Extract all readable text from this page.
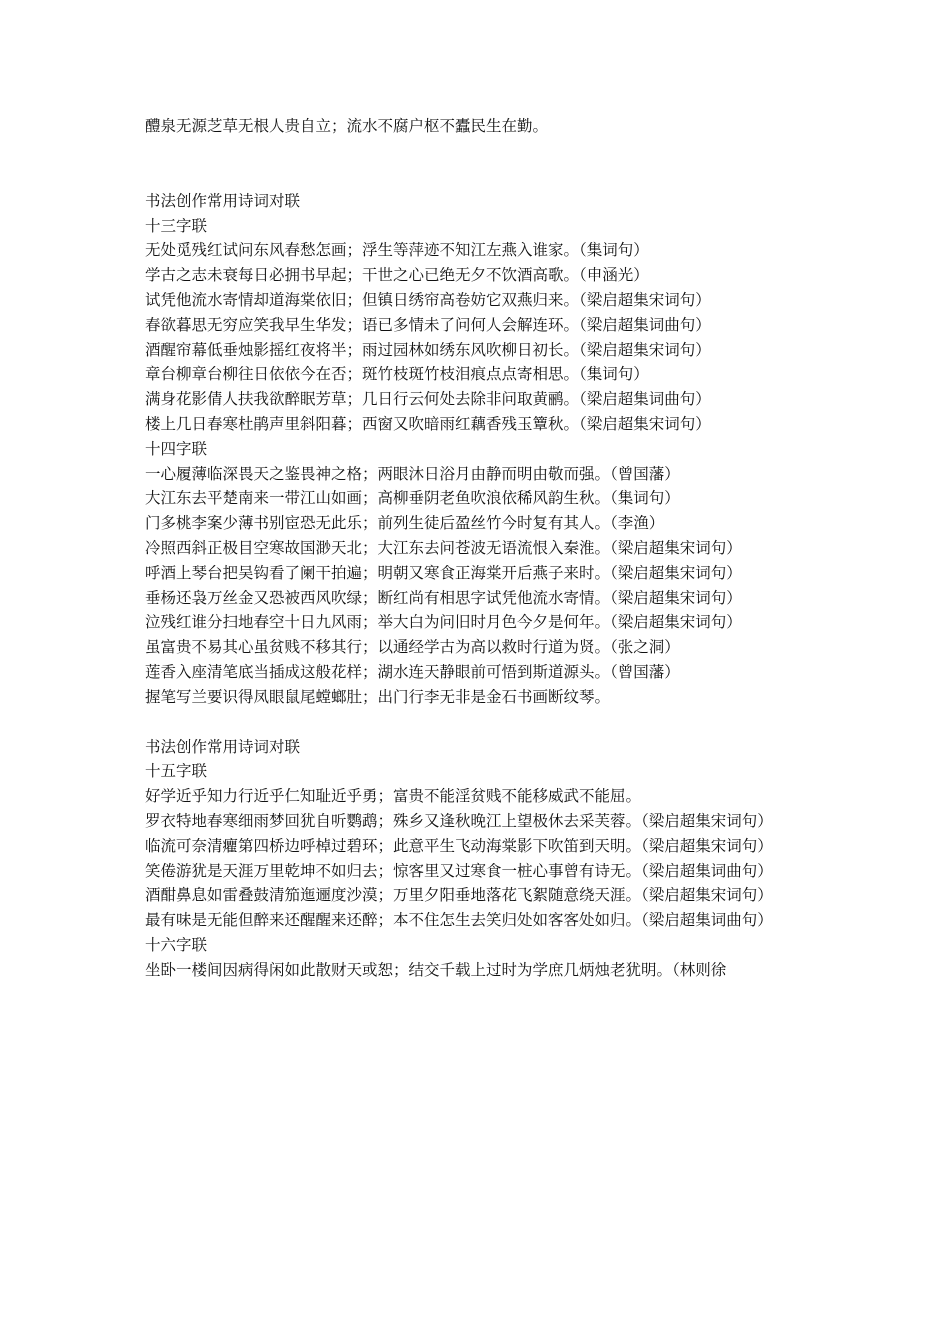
醴泉无源芝草无根人贵自立；流水不腐户枢不蠹民生在勤。
书法创作常用诗词对联
十三字联
无处觅残红试问东风春愁怎画；浮生等萍迹不知江左燕入谁家。（集词句）
学古之志未衰每日必拥书早起；干世之心已绝无夕不饮酒高歌。（申涵光）
试凭他流水寄情却道海棠依旧；但镇日绣帘高卷妨它双燕归来。（梁启超集宋词句）
春欲暮思无穷应笑我早生华发；语已多情未了问何人会解连环。（梁启超集词曲句）
酒醒帘幕低垂烛影摇红夜将半；雨过园林如绣东风吹柳日初长。（梁启超集宋词句）
章台柳章台柳往日依依今在否；斑竹枝斑竹枝泪痕点点寄相思。（集词句）
满身花影倩人扶我欲醉眠芳草；几日行云何处去除非问取黄鹂。（梁启超集词曲句）
楼上几日春寒杜鹃声里斜阳暮；西窗又吹暗雨红藕香残玉簟秋。（梁启超集宋词句）
十四字联
一心履薄临深畏天之鉴畏神之格；两眼沐日浴月由静而明由敬而强。（曾国藩）
大江东去平楚南来一带江山如画；高柳垂阴老鱼吹浪依稀风韵生秋。（集词句）
门多桃李案少薄书别宦恐无此乐；前列生徒后盈丝竹今时复有其人。（李渔）
冷照西斜正极目空寒故国渺天北；大江东去问苍波无语流恨入秦淮。（梁启超集宋词句）
呼酒上琴台把吴钩看了阑干拍遍；明朝又寒食正海棠开后燕子来时。（梁启超集宋词句）
垂杨还袅万丝金又恐被西风吹绿；断红尚有相思字试凭他流水寄情。（梁启超集宋词句）
泣残红谁分扫地春空十日九风雨；举大白为问旧时月色今夕是何年。（梁启超集宋词句）
虽富贵不易其心虽贫贱不移其行；以通经学古为高以救时行道为贤。（张之洞）
莲香入座清笔底当插成这般花样；湖水连天静眼前可悟到斯道源头。（曾国藩）
握笔写兰要识得凤眼鼠尾螳螂肚；出门行李无非是金石书画断纹琴。
书法创作常用诗词对联
十五字联
好学近乎知力行近乎仁知耻近乎勇；富贵不能淫贫贱不能移威武不能屈。
罗衣特地春寒细雨梦回犹自听鹦鹉；殊乡又逢秋晚江上望极休去采芙蓉。（梁启超集宋词句）
临流可奈清癯第四桥边呼棹过碧环；此意平生飞动海棠影下吹笛到天明。（梁启超集宋词句）
笑倦游犹是天涯万里乾坤不如归去；惊客里又过寒食一桩心事曾有诗无。（梁启超集词曲句）
酒酣鼻息如雷叠鼓清笳迤逦度沙漠；万里夕阳垂地落花飞絮随意绕天涯。（梁启超集宋词句）
最有味是无能但醉来还醒醒来还醉；本不住怎生去笑归处如客客处如归。（梁启超集词曲句）
十六字联
坐卧一楼间因病得闲如此散财天或恕；结交千载上过时为学庶几炳烛老犹明。（林则徐
